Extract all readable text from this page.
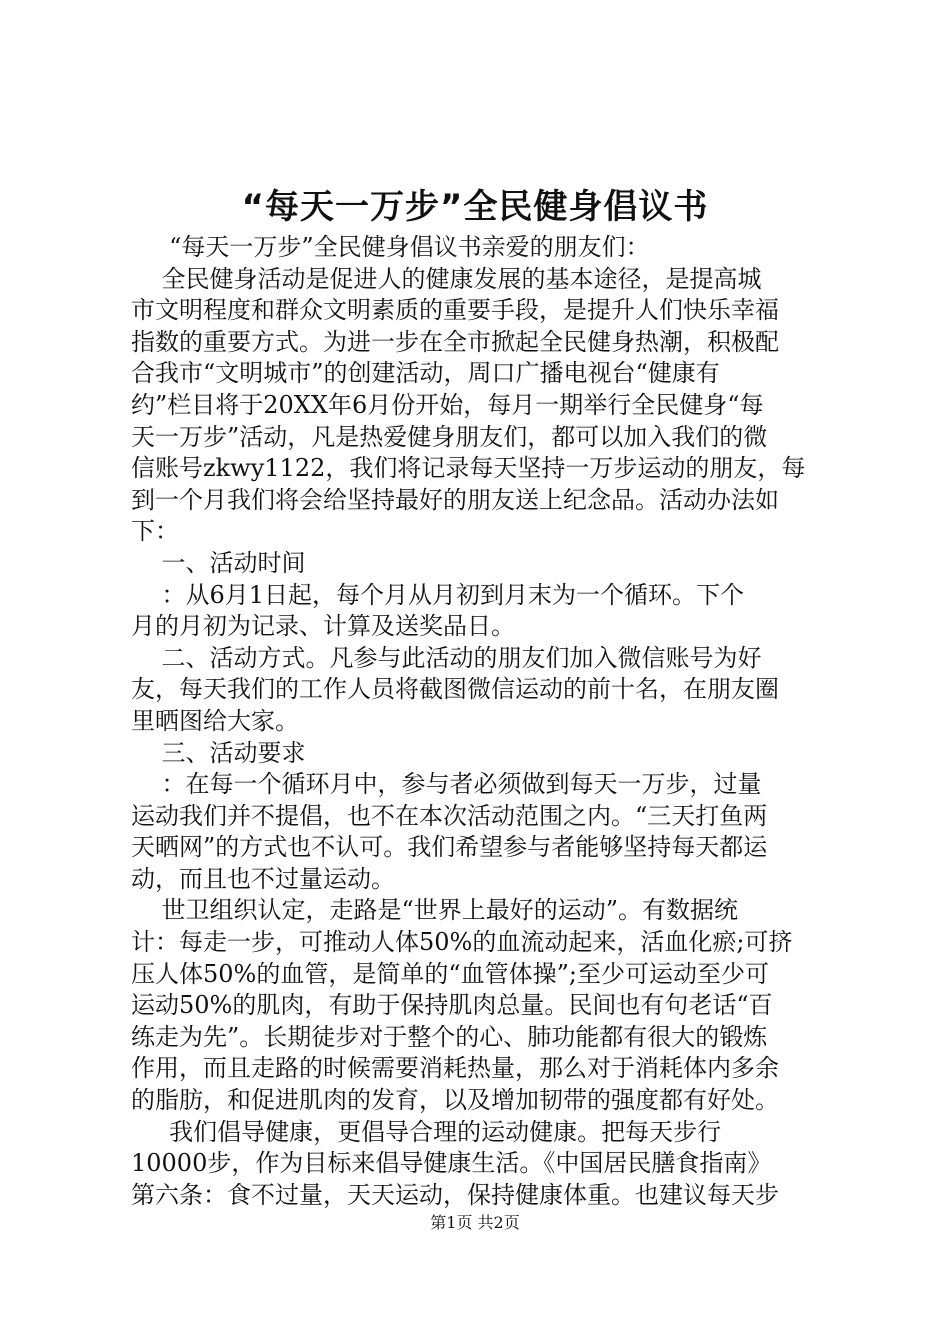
“每天一万步”全民健身倡议书
“每天一万步”全民健身倡议书亲爱的朋友们：
全民健身活动是促进人的健康发展的基本途径，是提高城
市文明程度和群众文明素质的重要手段，是提升人们快乐幸福
指数的重要方式。为进一步在全市掀起全民健身热潮，积极配
合我市“文明城市”的创建活动，周口广播电视台“健康有
约”栏目将于20XX年6月份开始，每月一期举行全民健身“每
天一万步”活动，凡是热爱健身朋友们，都可以加入我们的微
信账号zkwy1122，我们将记录每天坚持一万步运动的朋友，每
到一个月我们将会给坚持最好的朋友送上纪念品。活动办法如
下：
一、活动时间
：从6月1日起，每个月从月初到月末为一个循环。下个
月的月初为记录、计算及送奖品日。
二、活动方式。凡参与此活动的朋友们加入微信账号为好
友，每天我们的工作人员将截图微信运动的前十名，在朋友圈
里晒图给大家。
三、活动要求
：在每一个循环月中，参与者必须做到每天一万步，过量
运动我们并不提倡，也不在本次活动范围之内。“三天打鱼两
天晒网”的方式也不认可。我们希望参与者能够坚持每天都运
动，而且也不过量运动。
世卫组织认定，走路是“世界上最好的运动”。有数据统
计：每走一步，可推动人体50%的血流动起来，活血化瘀;可挤
压人体50%的血管，是简单的“血管体操”;至少可运动至少可
运动50%的肌肉，有助于保持肌肉总量。民间也有句老话“百
练走为先”。长期徒步对于整个的心、肺功能都有很大的锻炼
作用，而且走路的时候需要消耗热量，那么对于消耗体内多余
的脂肪，和促进肌肉的发育，以及增加韧带的强度都有好处。
我们倡导健康，更倡导合理的运动健康。把每天步行
10000步，作为目标来倡导健康生活。《中国居民膳食指南》
第六条：食不过量，天天运动，保持健康体重。也建议每天步
第1页 共2页
